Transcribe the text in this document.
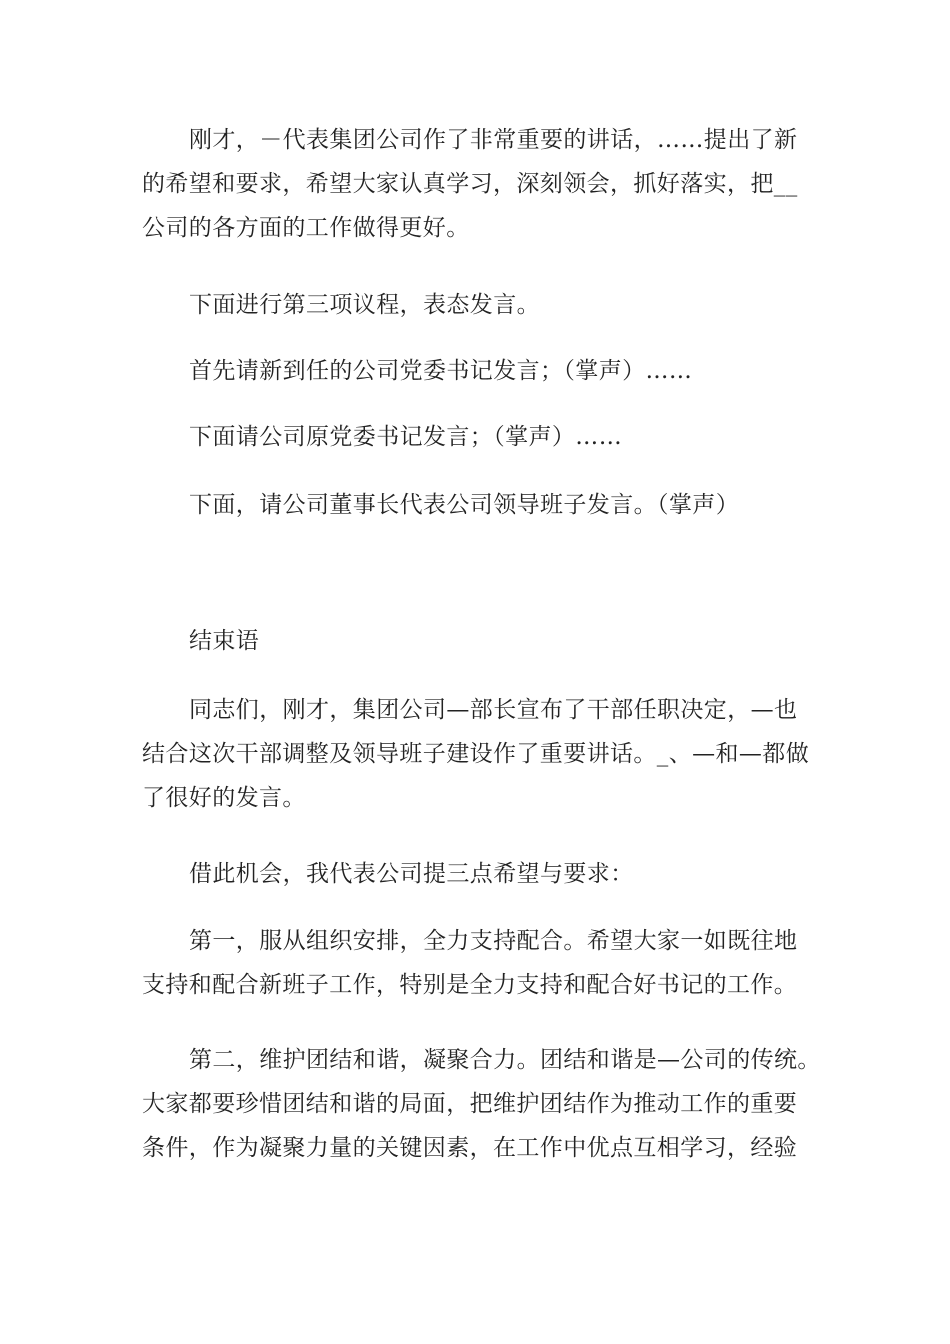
刚才，－代表集团公司作了非常重要的讲话，……提出了新
的希望和要求，希望大家认真学习，深刻领会，抓好落实，把__
公司的各方面的工作做得更好。

下面进行第三项议程，表态发言。

首先请新到任的公司党委书记发言；（掌声）……

下面请公司原党委书记发言；（掌声）……

下面，请公司董事长代表公司领导班子发言。（掌声）

结束语

同志们，刚才，集团公司—部长宣布了干部任职决定，—也
结合这次干部调整及领导班子建设作了重要讲话。_、—和—都做
了很好的发言。

借此机会，我代表公司提三点希望与要求：

第一，服从组织安排，全力支持配合。希望大家一如既往地
支持和配合新班子工作，特别是全力支持和配合好书记的工作。

第二，维护团结和谐，凝聚合力。团结和谐是—公司的传统。
大家都要珍惜团结和谐的局面，把维护团结作为推动工作的重要
条件，作为凝聚力量的关键因素，在工作中优点互相学习，经验
